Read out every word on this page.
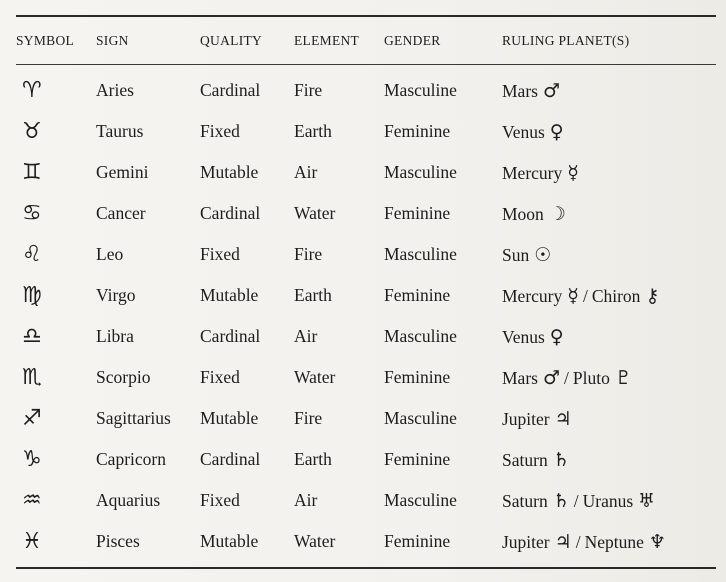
SYMBOL	SIGN	QUALITY	ELEMENT	GENDER	RULING PLANET(S)
♈	Aries	Cardinal	Fire	Masculine	Mars ♂
♉	Taurus	Fixed	Earth	Feminine	Venus ♀
♊	Gemini	Mutable	Air	Masculine	Mercury ☿
♋	Cancer	Cardinal	Water	Feminine	Moon ☽
♌	Leo	Fixed	Fire	Masculine	Sun ☉
♍	Virgo	Mutable	Earth	Feminine	Mercury ☿ / Chiron ⚷
♎	Libra	Cardinal	Air	Masculine	Venus ♀
♏	Scorpio	Fixed	Water	Feminine	Mars ♂ / Pluto ♇
♐	Sagittarius	Mutable	Fire	Masculine	Jupiter ♃
♑	Capricorn	Cardinal	Earth	Feminine	Saturn ♄
♒	Aquarius	Fixed	Air	Masculine	Saturn ♄ / Uranus ♅
♓	Pisces	Mutable	Water	Feminine	Jupiter ♃ / Neptune ♆
